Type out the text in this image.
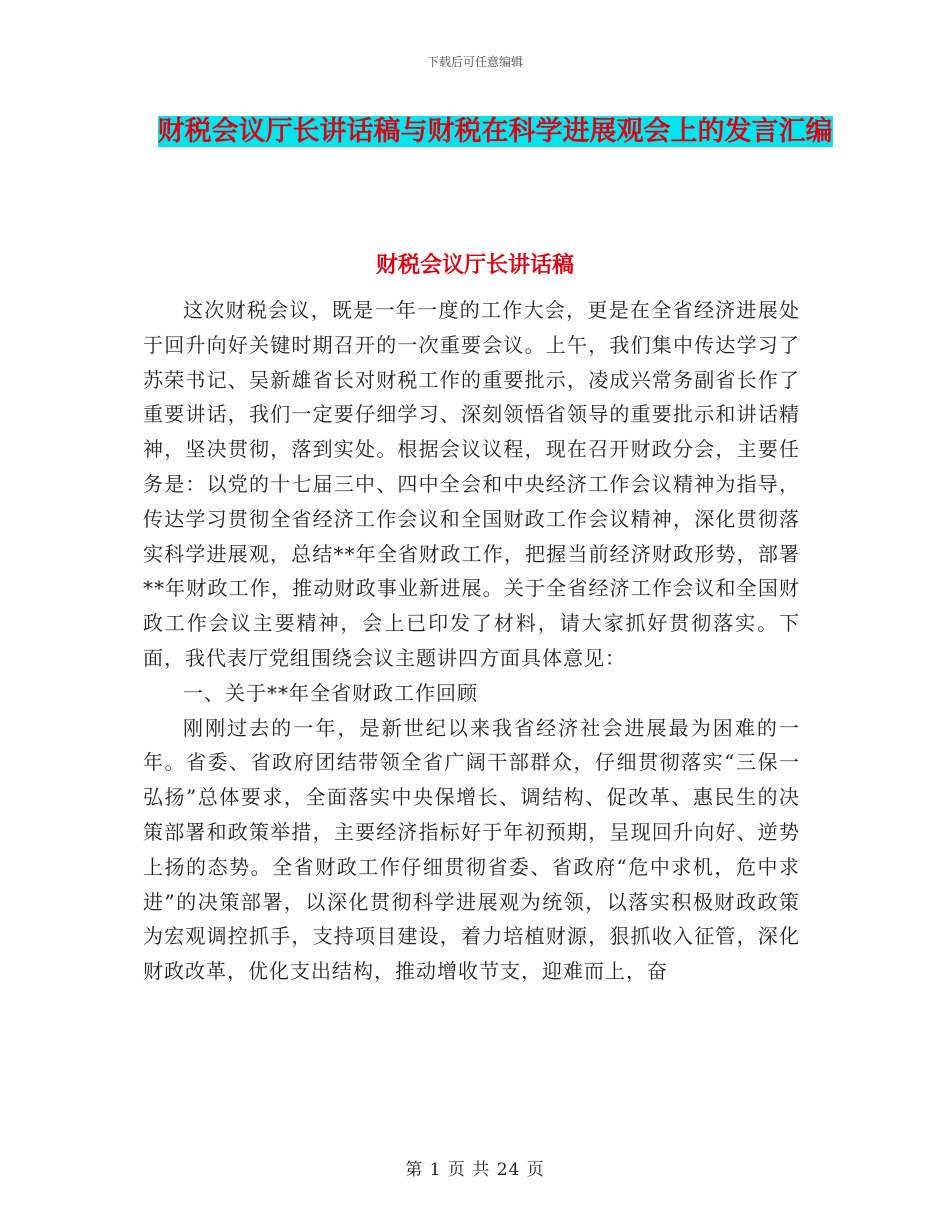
下载后可任意编辑
财税会议厅长讲话稿与财税在科学进展观会上的发言汇编
财税会议厅长讲话稿

这次财税会议，既是一年一度的工作大会，更是在全省经济进展处于回升向好关键时期召开的一次重要会议。上午，我们集中传达学习了苏荣书记、吴新雄省长对财税工作的重要批示，凌成兴常务副省长作了重要讲话，我们一定要仔细学习、深刻领悟省领导的重要批示和讲话精神，坚决贯彻，落到实处。根据会议议程，现在召开财政分会，主要任务是：以党的十七届三中、四中全会和中央经济工作会议精神为指导，传达学习贯彻全省经济工作会议和全国财政工作会议精神，深化贯彻落实科学进展观，总结**年全省财政工作，把握当前经济财政形势，部署**年财政工作，推动财政事业新进展。关于全省经济工作会议和全国财政工作会议主要精神，会上已印发了材料，请大家抓好贯彻落实。下面，我代表厅党组围绕会议主题讲四方面具体意见：

一、关于**年全省财政工作回顾

刚刚过去的一年，是新世纪以来我省经济社会进展最为困难的一年。省委、省政府团结带领全省广阔干部群众，仔细贯彻落实“三保一弘扬”总体要求，全面落实中央保增长、调结构、促改革、惠民生的决策部署和政策举措，主要经济指标好于年初预期，呈现回升向好、逆势上扬的态势。全省财政工作仔细贯彻省委、省政府“危中求机，危中求进”的决策部署，以深化贯彻科学进展观为统领，以落实积极财政政策为宏观调控抓手，支持项目建设，着力培植财源，狠抓收入征管，深化财政改革，优化支出结构，推动增收节支，迎难而上，奋

第 1 页 共 24 页
